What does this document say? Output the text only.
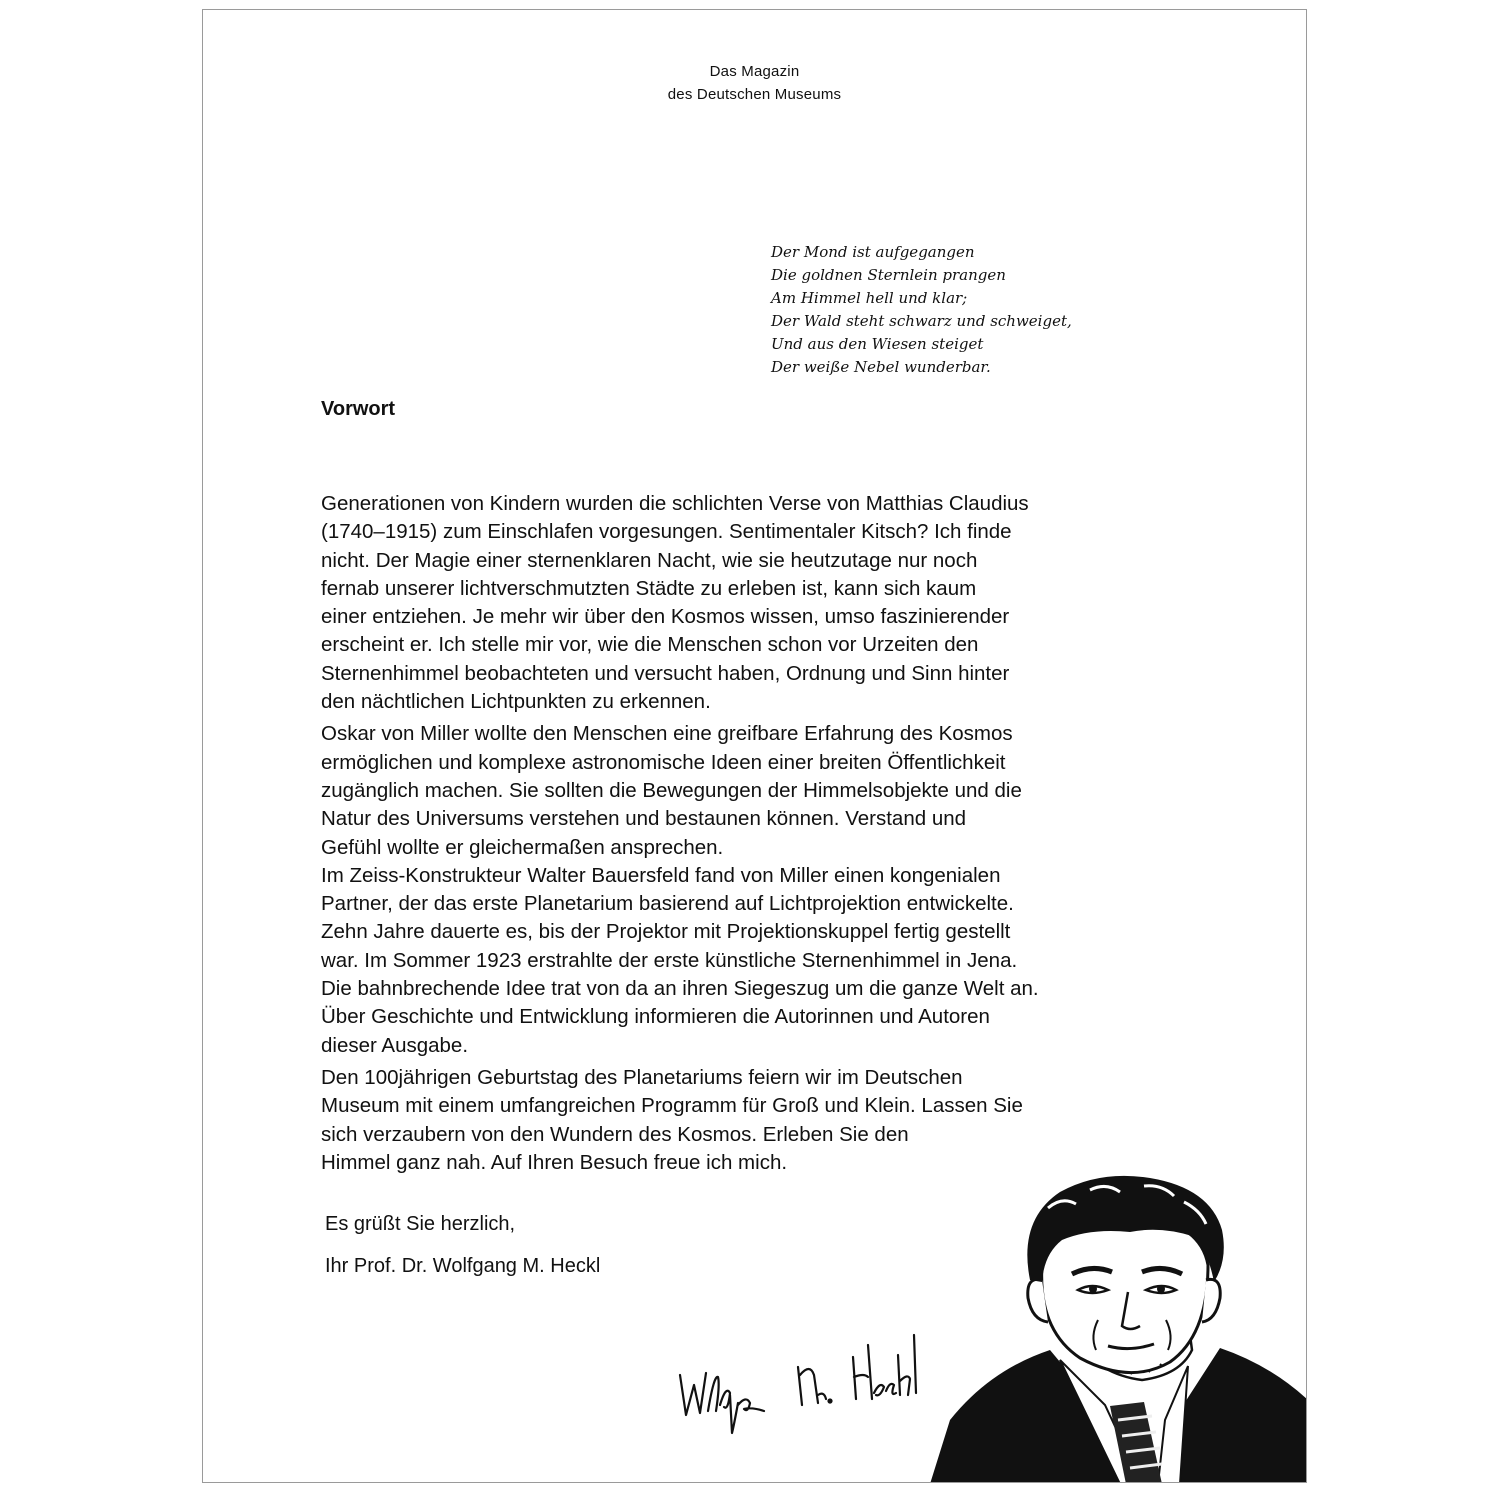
Das Magazin
des Deutschen Museums
Der Mond ist aufgegangen
Die goldnen Sternlein prangen
Am Himmel hell und klar;
Der Wald steht schwarz und schweiget,
Und aus den Wiesen steiget
Der weiße Nebel wunderbar.
Vorwort

Generationen von Kindern wurden die schlichten Verse von Matthias Claudius
(1740–1915) zum Einschlafen vorgesungen. Sentimentaler Kitsch? Ich finde
nicht. Der Magie einer sternenklaren Nacht, wie sie heutzutage nur noch
fernab unserer lichtverschmutzten Städte zu erleben ist, kann sich kaum
einer entziehen. Je mehr wir über den Kosmos wissen, umso faszinierender
erscheint er. Ich stelle mir vor, wie die Menschen schon vor Urzeiten den
Sternenhimmel beobachteten und versucht haben, Ordnung und Sinn hinter
den nächtlichen Lichtpunkten zu erkennen.

Oskar von Miller wollte den Menschen eine greifbare Erfahrung des Kosmos
ermöglichen und komplexe astronomische Ideen einer breiten Öffentlichkeit
zugänglich machen. Sie sollten die Bewegungen der Himmelsobjekte und die
Natur des Universums verstehen und bestaunen können. Verstand und
Gefühl wollte er gleichermaßen ansprechen.
Im Zeiss-Konstrukteur Walter Bauersfeld fand von Miller einen kongenialen
Partner, der das erste Planetarium basierend auf Lichtprojektion entwickelte.
Zehn Jahre dauerte es, bis der Projektor mit Projektionskuppel fertig gestellt
war. Im Sommer 1923 erstrahlte der erste künstliche Sternenhimmel in Jena.
Die bahnbrechende Idee trat von da an ihren Siegeszug um die ganze Welt an.
Über Geschichte und Entwicklung informieren die Autorinnen und Autoren
dieser Ausgabe.

Den 100jährigen Geburtstag des Planetariums feiern wir im Deutschen
Museum mit einem umfangreichen Programm für Groß und Klein. Lassen Sie
sich verzaubern von den Wundern des Kosmos. Erleben Sie den
Himmel ganz nah. Auf Ihren Besuch freue ich mich.

Es grüßt Sie herzlich,
Ihr Prof. Dr. Wolfgang M. Heckl
